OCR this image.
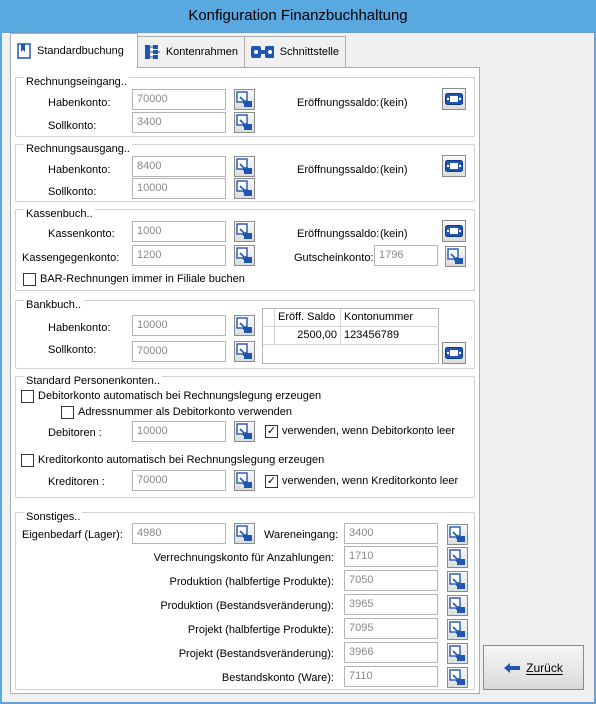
Konfiguration Finanzbuchhaltung
Standardbuchung	Kontenrahmen	Schnittstelle
Rechnungseingang..
Habenkonto:	70000
Sollkonto:	3400
Eröffnungssaldo: (kein)
Rechnungsausgang..
Habenkonto:	8400
Sollkonto:	10000
Eröffnungssaldo: (kein)
Kassenbuch..
Kassenkonto:	1000
Kassengegenkonto:	1200
Eröffnungssaldo: (kein)
Gutscheinkonto: 1796
BAR-Rechnungen immer in Filiale buchen
Bankbuch..
Habenkonto:	10000
Sollkonto:	70000
Eröff. Saldo Kontonummer
2500,00 123456789
Standard Personenkonten..
Debitorkonto automatisch bei Rechnungslegung erzeugen
Adressnummer als Debitorkonto verwenden
Debitoren :	10000	✓ verwenden, wenn Debitorkonto leer
Kreditorkonto automatisch bei Rechnungslegung erzeugen
Kreditoren :	70000	✓ verwenden, wenn Kreditorkonto leer
Sonstiges..
Eigenbedarf (Lager):	4980	Wareneingang: 3400
Verrechnungskonto für Anzahlungen:	1710
Produktion (halbfertige Produkte):	7050
Produktion (Bestandsveränderung):	3965
Projekt (halbfertige Produkte):	7095
Projekt (Bestandsveränderung):	3966
Bestandskonto (Ware):	7110
Zurück
